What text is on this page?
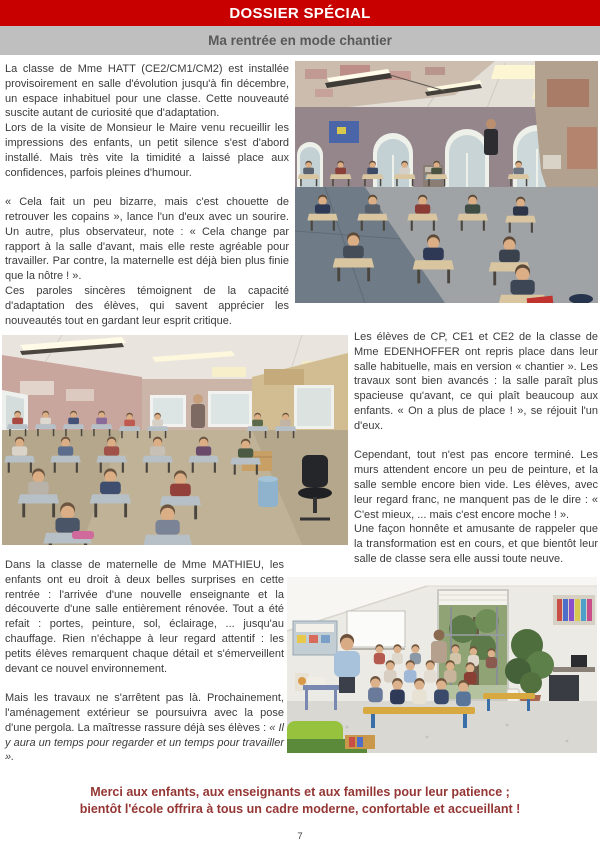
DOSSIER SPÉCIAL
Ma rentrée en mode chantier

La classe de Mme HATT (CE2/CM1/CM2) est installée provisoirement en salle d'évolution jusqu'à fin décembre, un espace inhabituel pour une classe. Cette nouveauté suscite autant de curiosité que d'adaptation.

Lors de la visite de Monsieur le Maire venu recueillir les impressions des enfants, un petit silence s'est d'abord installé. Mais très vite la timidité a laissé place aux confidences, parfois pleines d'humour.

« Cela fait un peu bizarre, mais c'est chouette de retrouver les copains », lance l'un d'eux avec un sourire. Un autre, plus observateur, note : « Cela change par rapport à la salle d'avant, mais elle reste agréable pour travailler. Par contre, la maternelle est déjà bien plus finie que la nôtre ! ».

Ces paroles sincères témoignent de la capacité d'adaptation des élèves, qui savent apprécier les nouveautés tout en gardant leur esprit critique.

Les élèves de CP, CE1 et CE2 de la classe de Mme EDENHOFFER ont repris place dans leur salle habituelle, mais en version « chantier ». Les travaux sont bien avancés : la salle paraît plus spacieuse qu'avant, ce qui plaît beaucoup aux enfants. « On a plus de place ! », se réjouit l'un d'eux.

Cependant, tout n'est pas encore terminé. Les murs attendent encore un peu de peinture, et la salle semble encore bien vide. Les élèves, avec leur regard franc, ne manquent pas de le dire : « C'est mieux, ... mais c'est encore moche ! ».

Une façon honnête et amusante de rappeler que la transformation est en cours, et que bientôt leur salle de classe sera elle aussi toute neuve.

Dans la classe de maternelle de Mme MATHIEU, les enfants ont eu droit à deux belles surprises en cette rentrée : l'arrivée d'une nouvelle enseignante et la découverte d'une salle entièrement rénovée. Tout a été refait : portes, peinture, sol, éclairage, ... jusqu'au chauffage. Rien n'échappe à leur regard attentif : les petits élèves remarquent chaque détail et s'émerveillent devant ce nouvel environnement.

Mais les travaux ne s'arrêtent pas là. Prochainement, l'aménagement extérieur se poursuivra avec la pose d'une pergola. La maîtresse rassure déjà ses élèves : « Il y aura un temps pour regarder et un temps pour travailler ».

Merci aux enfants, aux enseignants et aux familles pour leur patience ;
bientôt l'école offrira à tous un cadre moderne, confortable et accueillant !
7
